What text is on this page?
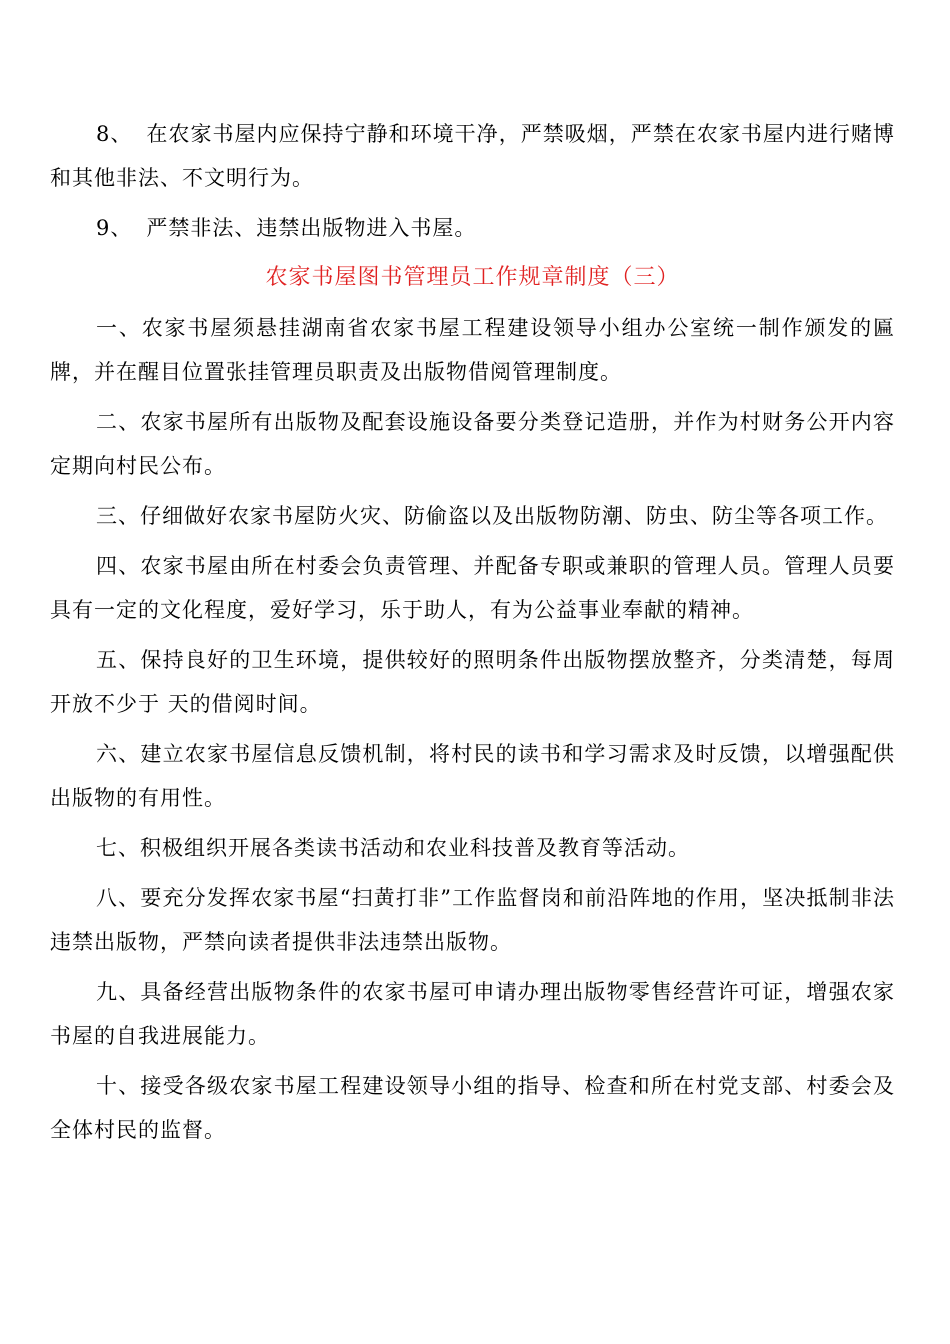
8、 在农家书屋内应保持宁静和环境干净，严禁吸烟，严禁在农家书屋内进行赌博和其他非法、不文明行为。

9、 严禁非法、违禁出版物进入书屋。

农家书屋图书管理员工作规章制度（三）

一、农家书屋须悬挂湖南省农家书屋工程建设领导小组办公室统一制作颁发的匾牌，并在醒目位置张挂管理员职责及出版物借阅管理制度。

二、农家书屋所有出版物及配套设施设备要分类登记造册，并作为村财务公开内容定期向村民公布。

三、仔细做好农家书屋防火灾、防偷盗以及出版物防潮、防虫、防尘等各项工作。

四、农家书屋由所在村委会负责管理、并配备专职或兼职的管理人员。管理人员要具有一定的文化程度，爱好学习，乐于助人，有为公益事业奉献的精神。

五、保持良好的卫生环境，提供较好的照明条件出版物摆放整齐，分类清楚，每周开放不少于 天的借阅时间。

六、建立农家书屋信息反馈机制，将村民的读书和学习需求及时反馈，以增强配供出版物的有用性。

七、积极组织开展各类读书活动和农业科技普及教育等活动。

八、要充分发挥农家书屋“扫黄打非”工作监督岗和前沿阵地的作用，坚决抵制非法违禁出版物，严禁向读者提供非法违禁出版物。

九、具备经营出版物条件的农家书屋可申请办理出版物零售经营许可证，增强农家书屋的自我进展能力。

十、接受各级农家书屋工程建设领导小组的指导、检查和所在村党支部、村委会及全体村民的监督。
